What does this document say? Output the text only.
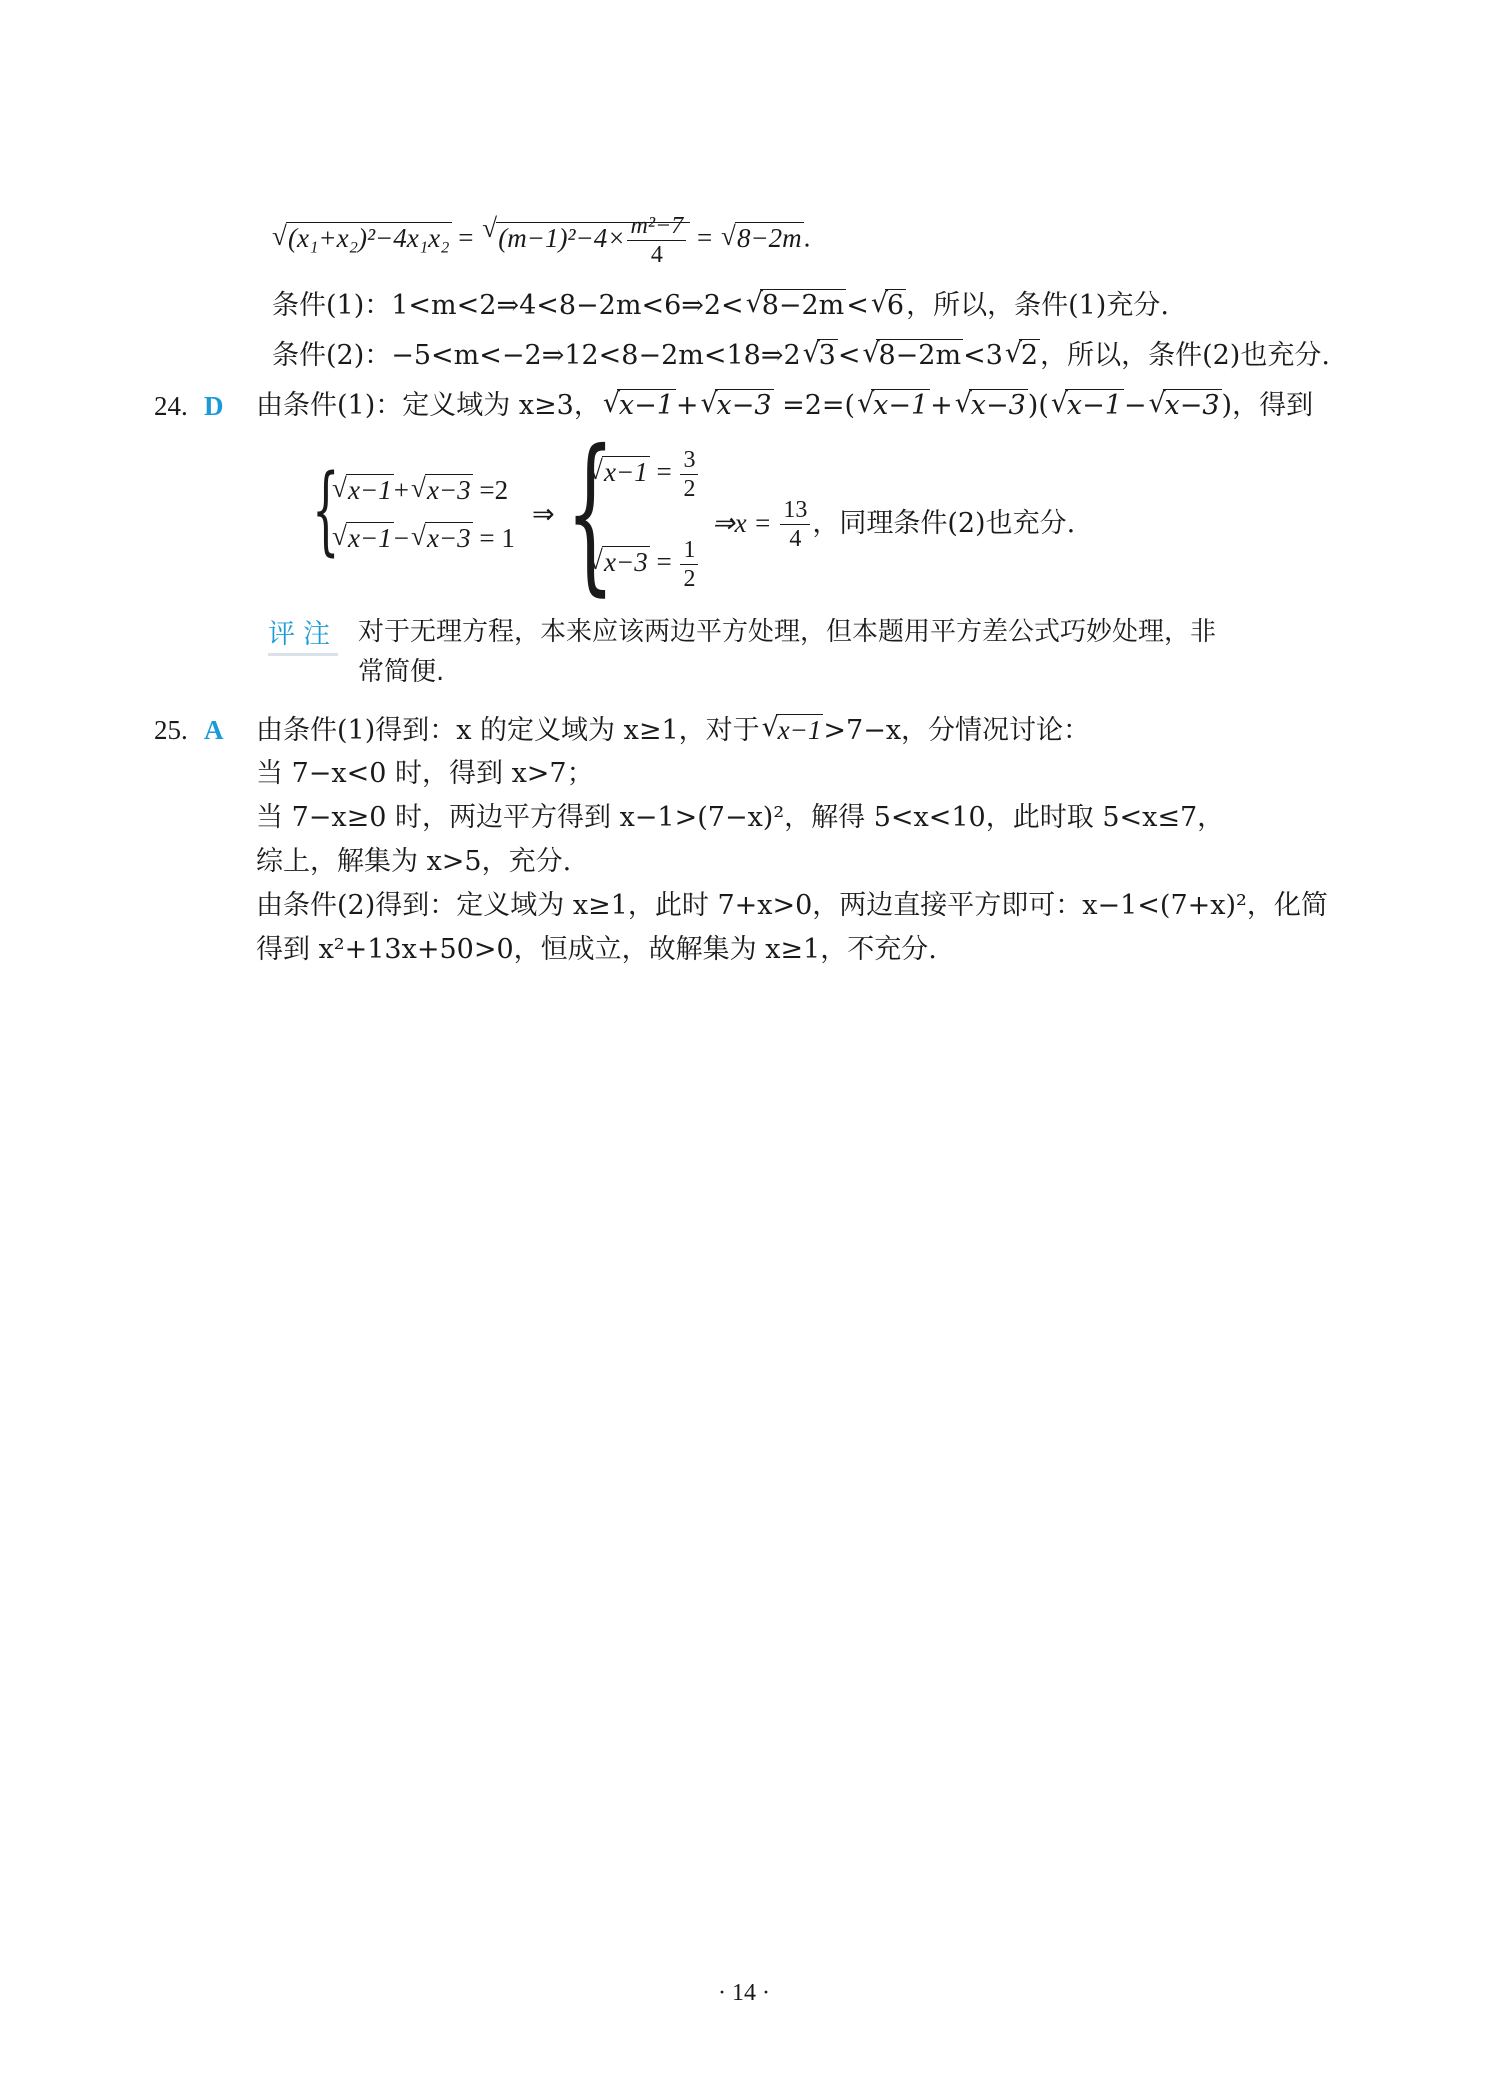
√ (x₁+x₂)²−4x₁x₂ = √ $(m-1)^2-4\times \frac{\text{m²−7}}{4}$ = √ 8−2m.
条件(1)：1<m<2⇒4<8−2m<6⇒2< √ 8−2m< √ 6，所以，条件(1)充分.
条件(2)：−5<m<−2⇒12<8−2m<18⇒2 √ 3< √ 8−2m<3 √ 2，所以，条件(2)也充分.
24. D 由条件(1)：定义域为 x≥3， √ x−1+ √ x−3 =2=( √ x−1+ √ x−3)( √ x−1− √ x−3)，得到
{ √ x−1+ √ x−3 =2
√ x−1− √ x−3 = 1
⇒ {
√ $x-1 = \frac{3}{2}$
√ $x-3 = \frac{1}{2}$
⇒x = $\frac{13}{4}$ ，同理条件(2)也充分.
评注 对于无理方程，本来应该两边平方处理，但本题用平方差公式巧妙处理，非
常简便.
25. A 由条件(1)得到：x 的定义域为 x≥1，对于 √ x−1>7−x，分情况讨论：
当 7−x<0 时，得到 x>7；
当 7−x≥0 时，两边平方得到 x−1>(7−x)²，解得 5<x<10，此时取 5<x≤7，
综上，解集为 x>5，充分.
由条件(2)得到：定义域为 x≥1，此时 7+x>0，两边直接平方即可：x−1<(7+x)²，化简
得到 x²+13x+50>0，恒成立，故解集为 x≥1，不充分.
· 14 ·
